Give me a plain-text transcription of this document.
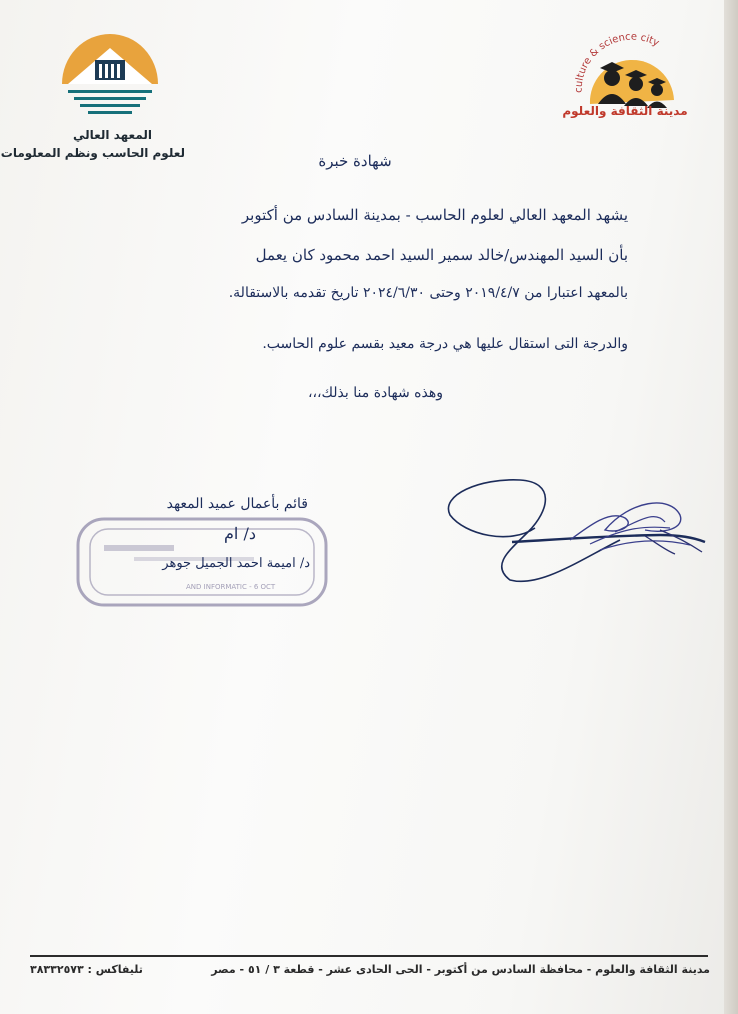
المعهد العالي
لعلوم الحاسب ونظم المعلومات
culture & science city
مدينة الثقافة والعلوم
شهادة خبرة
يشهد المعهد العالي لعلوم الحاسب - بمدينة السادس من أكتوبر
بأن السيد المهندس/خالد سمير السيد احمد محمود كان يعمل
بالمعهد اعتبارا من ٢٠١٩/٤/٧ وحتى ٢٠٢٤/٦/٣٠ تاريخ تقدمه بالاستقالة.
والدرجة التى استقال عليها هي درجة معيد بقسم علوم الحاسب.
وهذه شهادة منا بذلك،،،
AND INFORMATIC - 6 OCT
قائم بأعمال عميد المعهد
د/ ام
د/ اميمة احمد الجميل جوهر
مدينة الثقافة والعلوم - محافظة السادس من أكتوبر - الحى الحادى عشر - قطعة ٣ / ٥١ - مصر
تليفاكس : ٣٨٣٣٢٥٧٣
